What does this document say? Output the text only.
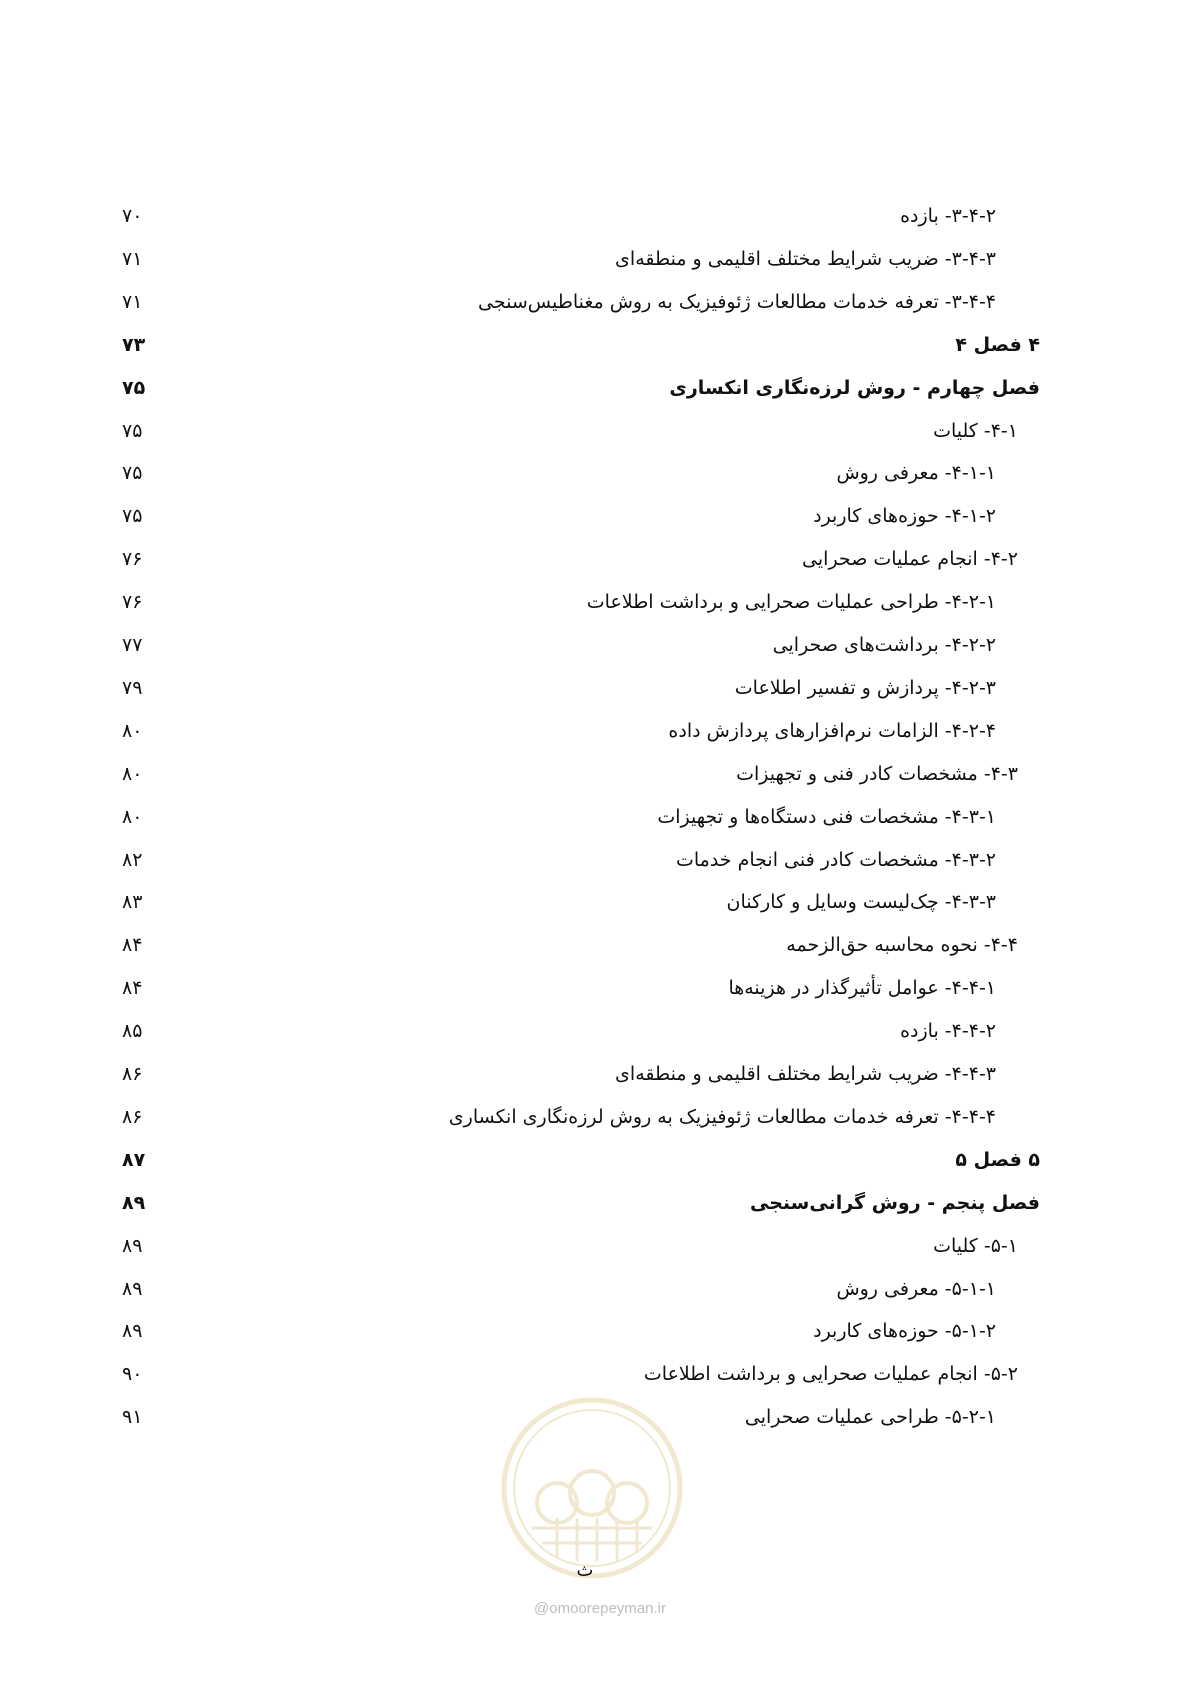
۳-۴-۲- بازده
۷۰
۳-۴-۳- ضریب شرایط مختلف اقلیمی و منطقه‌ای
۷۱
۳-۴-۴- تعرفه خدمات مطالعات ژئوفیزیک به روش مغناطیس‌سنجی
۷۱
۴ فصل ۴
۷۳
فصل چهارم - روش لرزه‌نگاری انکساری
۷۵
۴-۱- کلیات
۷۵
۴-۱-۱- معرفی روش
۷۵
۴-۱-۲- حوزه‌های کاربرد
۷۵
۴-۲- انجام عملیات صحرایی
۷۶
۴-۲-۱- طراحی عملیات صحرایی و برداشت اطلاعات
۷۶
۴-۲-۲- برداشت‌های صحرایی
۷۷
۴-۲-۳- پردازش و تفسیر اطلاعات
۷۹
۴-۲-۴- الزامات نرم‌افزارهای پردازش داده
۸۰
۴-۳- مشخصات کادر فنی و تجهیزات
۸۰
۴-۳-۱- مشخصات فنی دستگاه‌ها و تجهیزات
۸۰
۴-۳-۲- مشخصات کادر فنی انجام خدمات
۸۲
۴-۳-۳- چک‌لیست وسایل و کارکنان
۸۳
۴-۴- نحوه محاسبه حق‌الزحمه
۸۴
۴-۴-۱- عوامل تأثیرگذار در هزینه‌ها
۸۴
۴-۴-۲- بازده
۸۵
۴-۴-۳- ضریب شرایط مختلف اقلیمی و منطقه‌ای
۸۶
۴-۴-۴- تعرفه خدمات مطالعات ژئوفیزیک به روش لرزه‌نگاری انکساری
۸۶
۵ فصل ۵
۸۷
فصل پنجم - روش گرانی‌سنجی
۸۹
۵-۱- کلیات
۸۹
۵-۱-۱- معرفی روش
۸۹
۵-۱-۲- حوزه‌های کاربرد
۸۹
۵-۲- انجام عملیات صحرایی و برداشت اطلاعات
۹۰
۵-۲-۱- طراحی عملیات صحرایی
۹۱
ث
@omoorepeyman.ir
